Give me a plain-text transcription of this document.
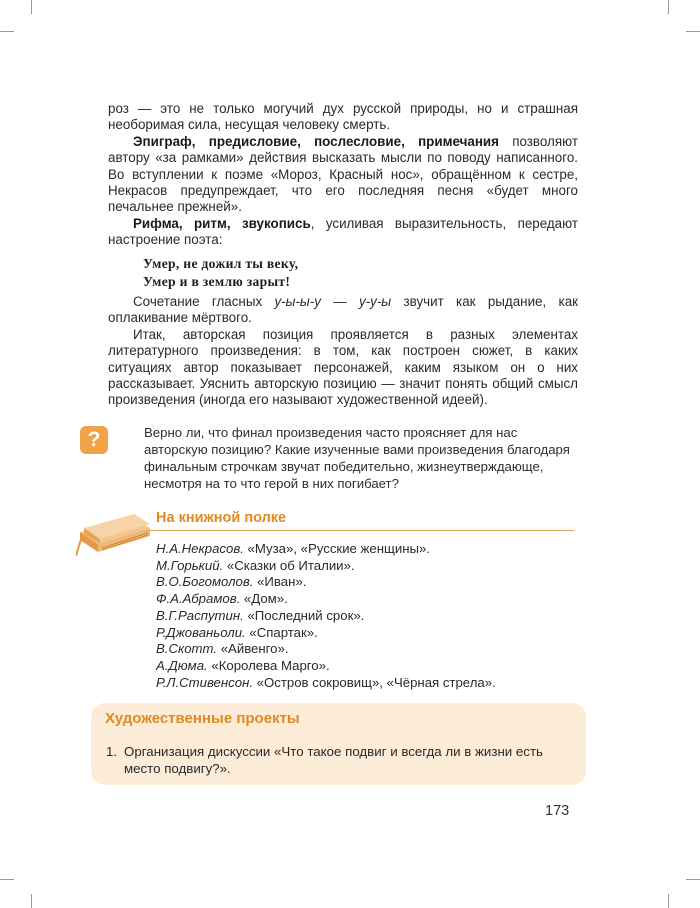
роз — это не только могучий дух русской природы, но и страшная необоримая сила, несущая человеку смерть.

Эпиграф, предисловие, послесловие, примечания позволяют автору «за рамками» действия высказать мысли по поводу написанного. Во вступлении к поэме «Мороз, Красный нос», обращённом к сестре, Некрасов предупреждает, что его последняя песня «будет много печальнее прежней».

Рифма, ритм, звукопись, усиливая выразительность, передают настроение поэта:

Умер, не дожил ты веку,
Умер и в землю зарыт!

Сочетание гласных у-ы-ы-у — у-у-ы звучит как рыдание, как оплакивание мёртвого.

Итак, авторская позиция проявляется в разных элементах литературного произведения: в том, как построен сюжет, в каких ситуациях автор показывает персонажей, каким языком он о них рассказывает. Уяснить авторскую позицию — значит понять общий смысл произведения (иногда его называют художественной идеей).

?	Верно ли, что финал произведения часто проясняет для нас авторскую позицию? Какие изученные вами произведения благодаря финальным строчкам звучат победительно, жизнеутверждающе, несмотря на то что герой в них погибает?

На книжной полке
Н.А.Некрасов. «Муза», «Русские женщины».
М.Горький. «Сказки об Италии».
В.О.Богомолов. «Иван».
Ф.А.Абрамов. «Дом».
В.Г.Распутин. «Последний срок».
Р.Джованьоли. «Спартак».
В.Скотт. «Айвенго».
А.Дюма. «Королева Марго».
Р.Л.Стивенсон. «Остров сокровищ», «Чёрная стрела».
Художественные проекты
1. Организация дискуссии «Что такое подвиг и всегда ли в жизни есть место подвигу?».
173
